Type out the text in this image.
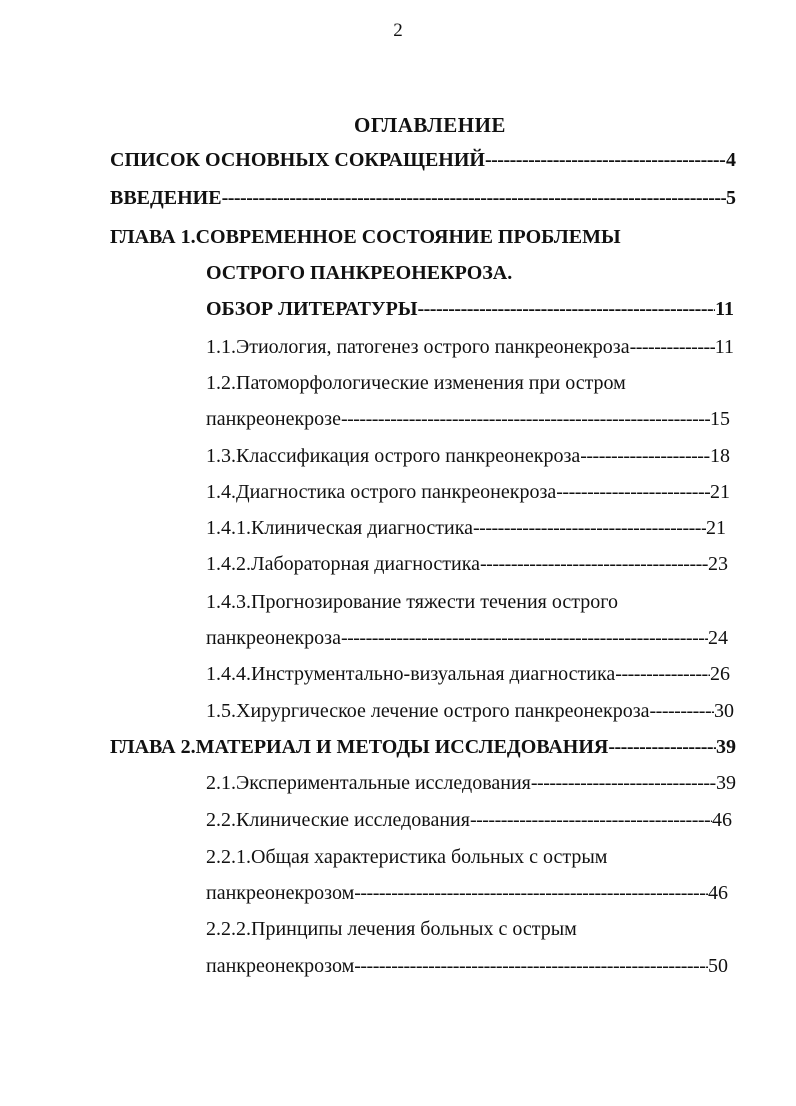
2
ОГЛАВЛЕНИЕ
СПИСОК ОСНОВНЫХ СОКРАЩЕНИЙ -----	4
ВВЕДЕНИЕ -----	5
ГЛАВА 1.СОВРЕМЕННОЕ СОСТОЯНИЕ ПРОБЛЕМЫ
ОСТРОГО ПАНКРЕОНЕКРОЗА.
ОБЗОР ЛИТЕРАТУРЫ -----	11
1.1.Этиология, патогенез острого панкреонекроза -----	11
1.2.Патоморфологические изменения при остром
панкреонекрозе -----	15
1.3.Классификация острого панкреонекроза -----	18
1.4.Диагностика острого панкреонекроза -----	21
1.4.1.Клиническая диагностика -----	21
1.4.2.Лабораторная диагностика -----	23
1.4.3.Прогнозирование тяжести течения острого
панкреонекроза -----	24
1.4.4.Инструментально-визуальная диагностика -----	26
1.5.Хирургическое лечение острого панкреонекроза -----	30
ГЛАВА 2.МАТЕРИАЛ И МЕТОДЫ ИССЛЕДОВАНИЯ -----	39
2.1.Экспериментальные исследования -----	39
2.2.Клинические исследования -----	46
2.2.1.Общая характеристика больных с острым
панкреонекрозом -----	46
2.2.2.Принципы лечения больных с острым
панкреонекрозом -----	50
